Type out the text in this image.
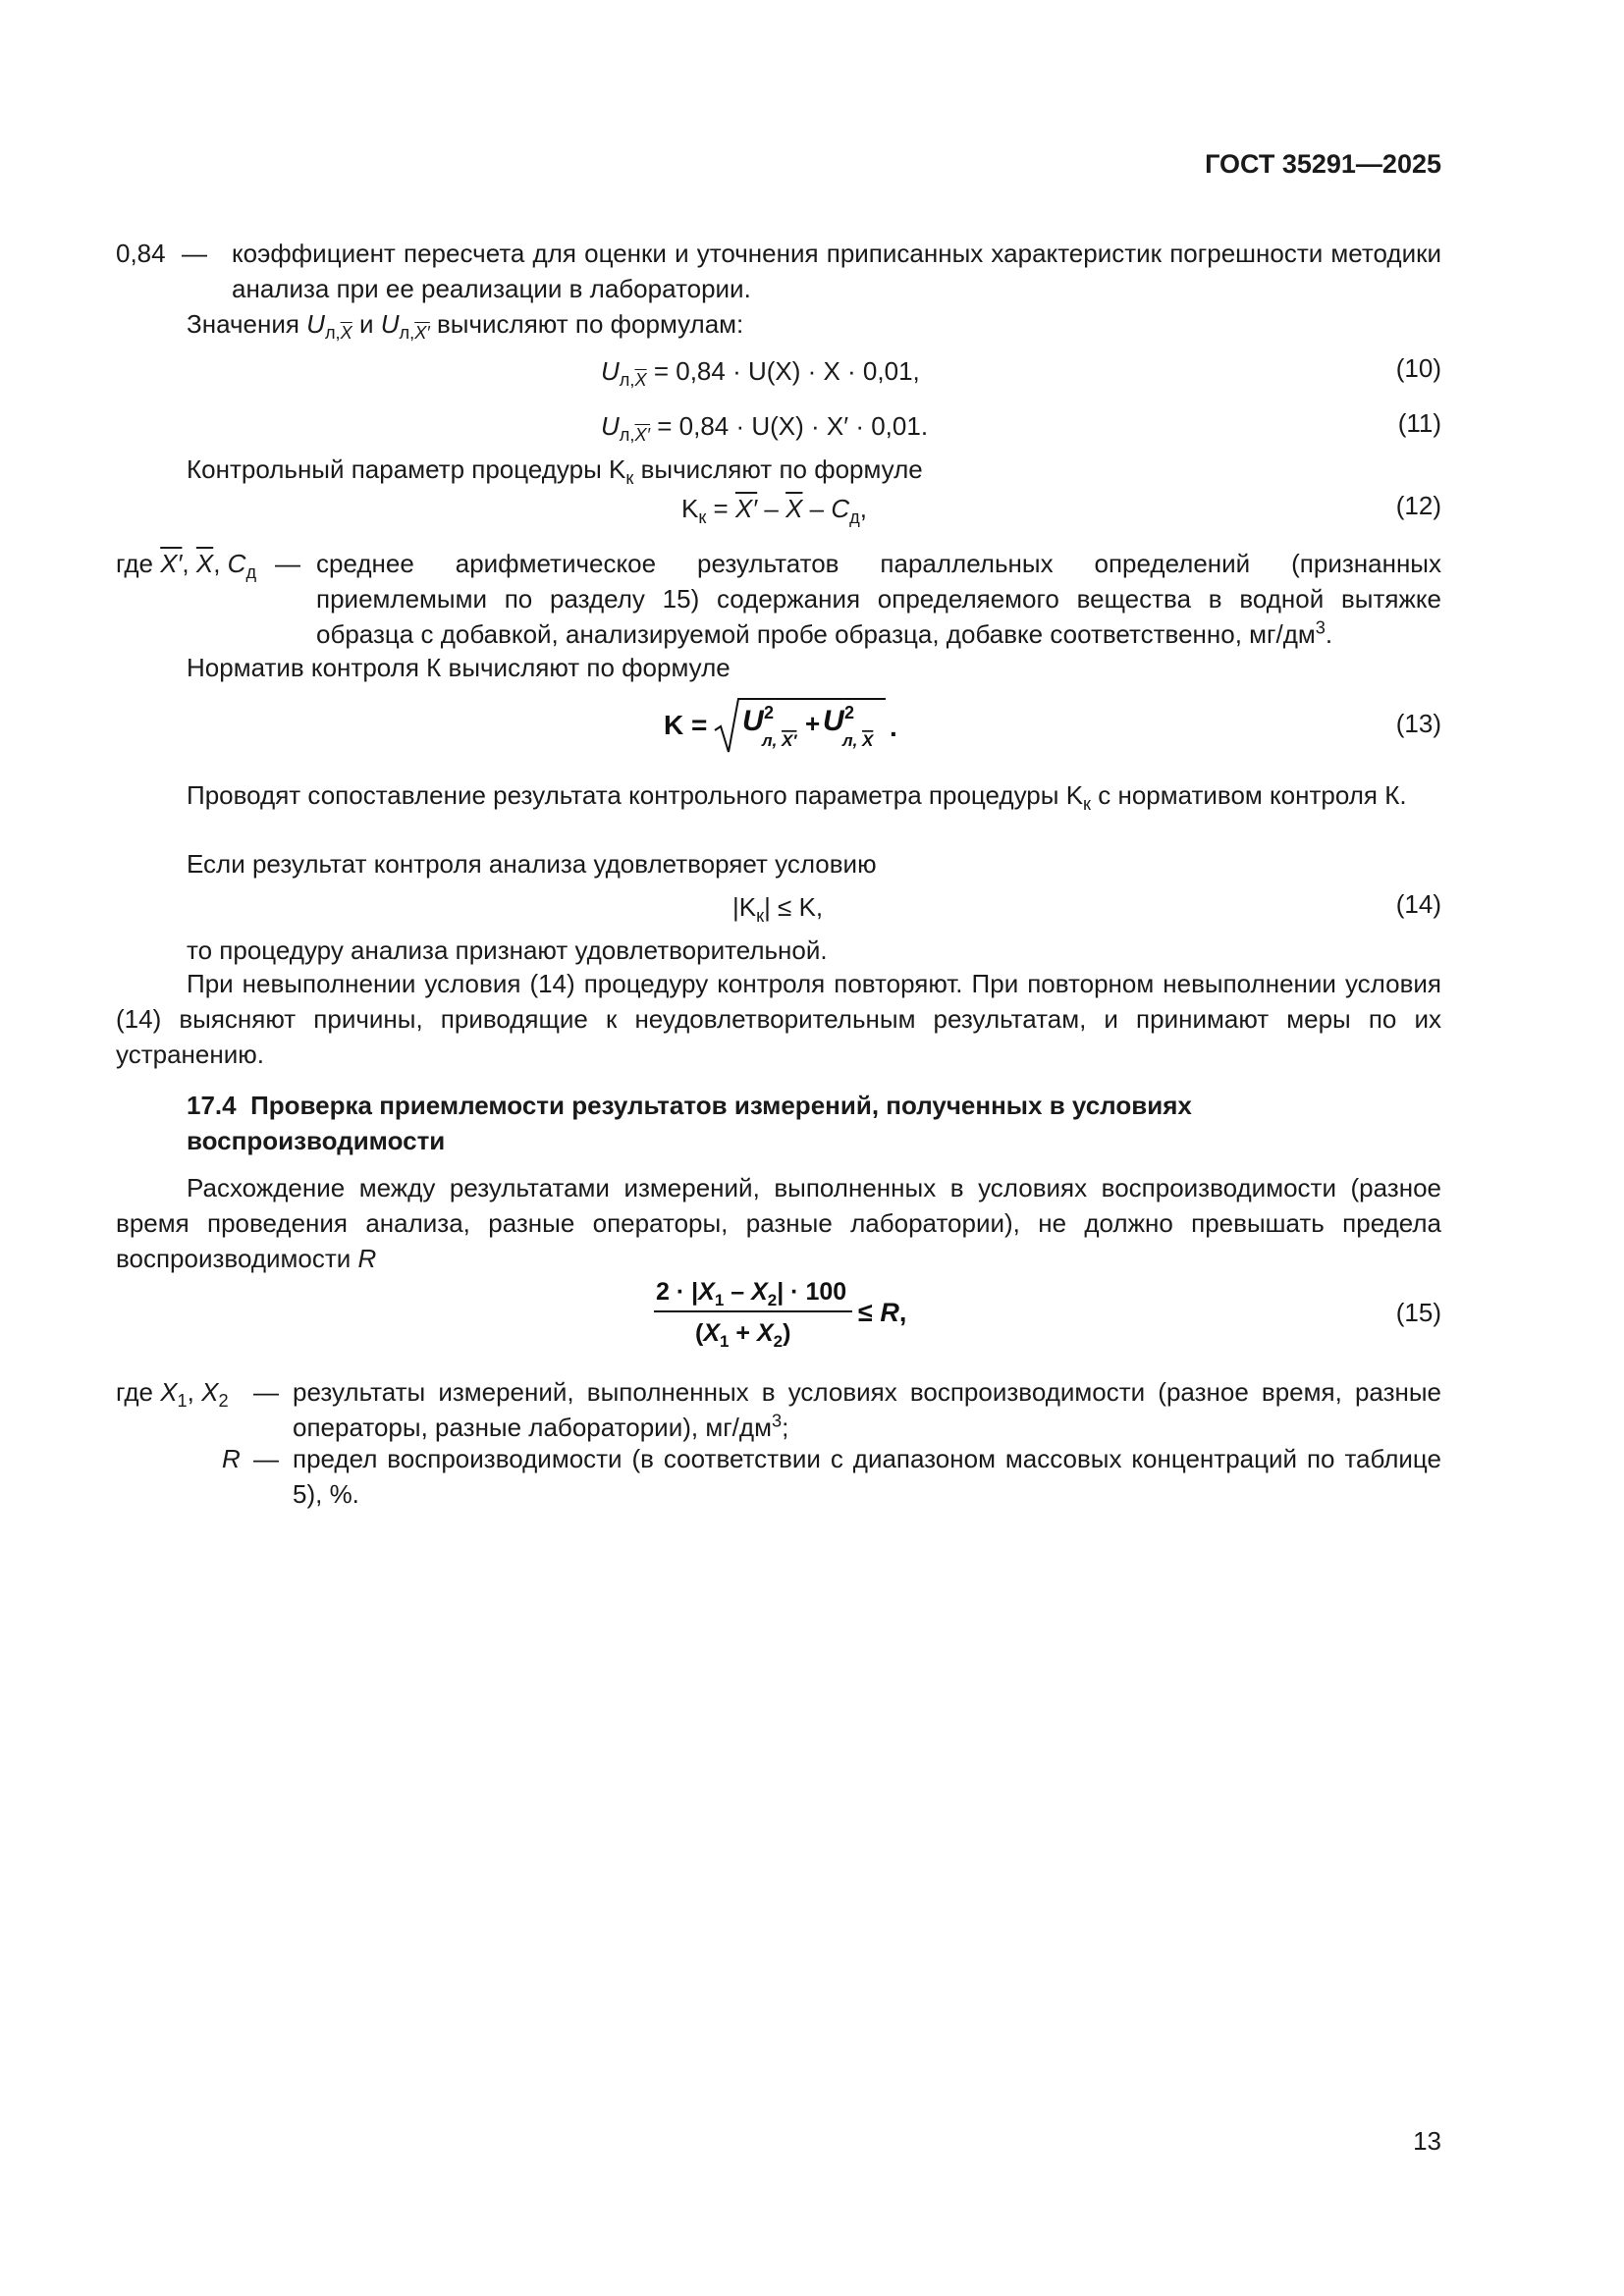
ГОСТ 35291—2025
0,84 — коэффициент пересчета для оценки и уточнения приписанных характеристик погрешности методики анализа при ее реализации в лаборатории.
Значения $U_{л,\overline{X}}$ и $U_{л,X'}$ вычисляют по формулам:
$U_{л,\overline{X}} = 0,84 \cdot U(X) \cdot X \cdot 0,01$,	(10)
$U_{л,X'} = 0,84 \cdot U(X) \cdot X' \cdot 0,01$.	(11)
Контрольный параметр процедуры $K_к$ вычисляют по формуле
$K_к = X' - \overline{X} - C_д$,	(12)
где X′, $\overline{X}$, $C_д$ — среднее арифметическое результатов параллельных определений (признанных приемлемыми по разделу 15) содержания определяемого вещества в водной вытяжке образца с добавкой, анализируемой пробе образца, добавке соответственно, $мг/дм^3$.
Норматив контроля К вычисляют по формуле
K = U 2
л, X′
+ U 2
л, X .	(13)
Проводят сопоставление результата контрольного параметра процедуры $K_к$ с нормативом контроля К.
Если результат контроля анализа удовлетворяет условию
$|K_к| \le K$,	(14)
то процедуру анализа признают удовлетворительной.
При невыполнении условия (14) процедуру контроля повторяют. При повторном невыполнении условия (14) выясняют причины, приводящие к неудовлетворительным результатам, и принимают меры по их устранению.
17.4 Проверка приемлемости результатов измерений, полученных в условиях воспроизводимости
Расхождение между результатами измерений, выполненных в условиях воспроизводимости (разное время проведения анализа, разные операторы, разные лаборатории), не должно превышать предела воспроизводимости R
$2 \cdot |X_1 - X_2| \cdot 100$
$(X_1 + X_2)$
≤ R,	(15)
где $X_1$, $X_2$ — результаты измерений, выполненных в условиях воспроизводимости (разное время, разные операторы, разные лаборатории), $мг/дм^3$;
R — предел воспроизводимости (в соответствии с диапазоном массовых концентраций по таблице 5), %.
13
